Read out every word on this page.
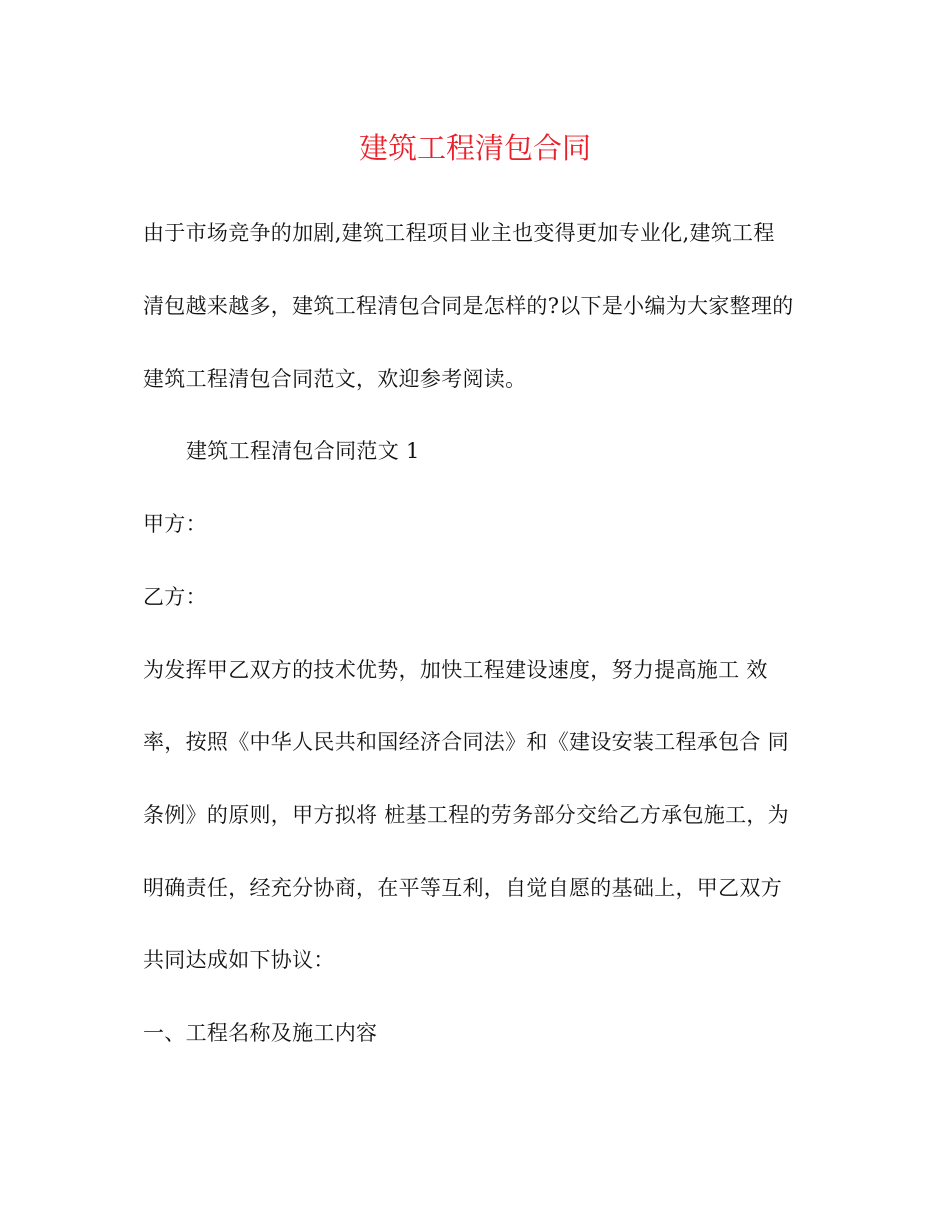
建筑工程清包合同
由于市场竞争的加剧,建筑工程项目业主也变得更加专业化,建筑工程
清包越来越多，建筑工程清包合同是怎样的?以下是小编为大家整理的
建筑工程清包合同范文，欢迎参考阅读。
建筑工程清包合同范文 1
甲方：
乙方：
为发挥甲乙双方的技术优势，加快工程建设速度，努力提高施工 效
率，按照《中华人民共和国经济合同法》和《建设安装工程承包合 同
条例》的原则，甲方拟将 桩基工程的劳务部分交给乙方承包施工，为
明确责任，经充分协商，在平等互利，自觉自愿的基础上，甲乙双方
共同达成如下协议：
一、工程名称及施工内容
